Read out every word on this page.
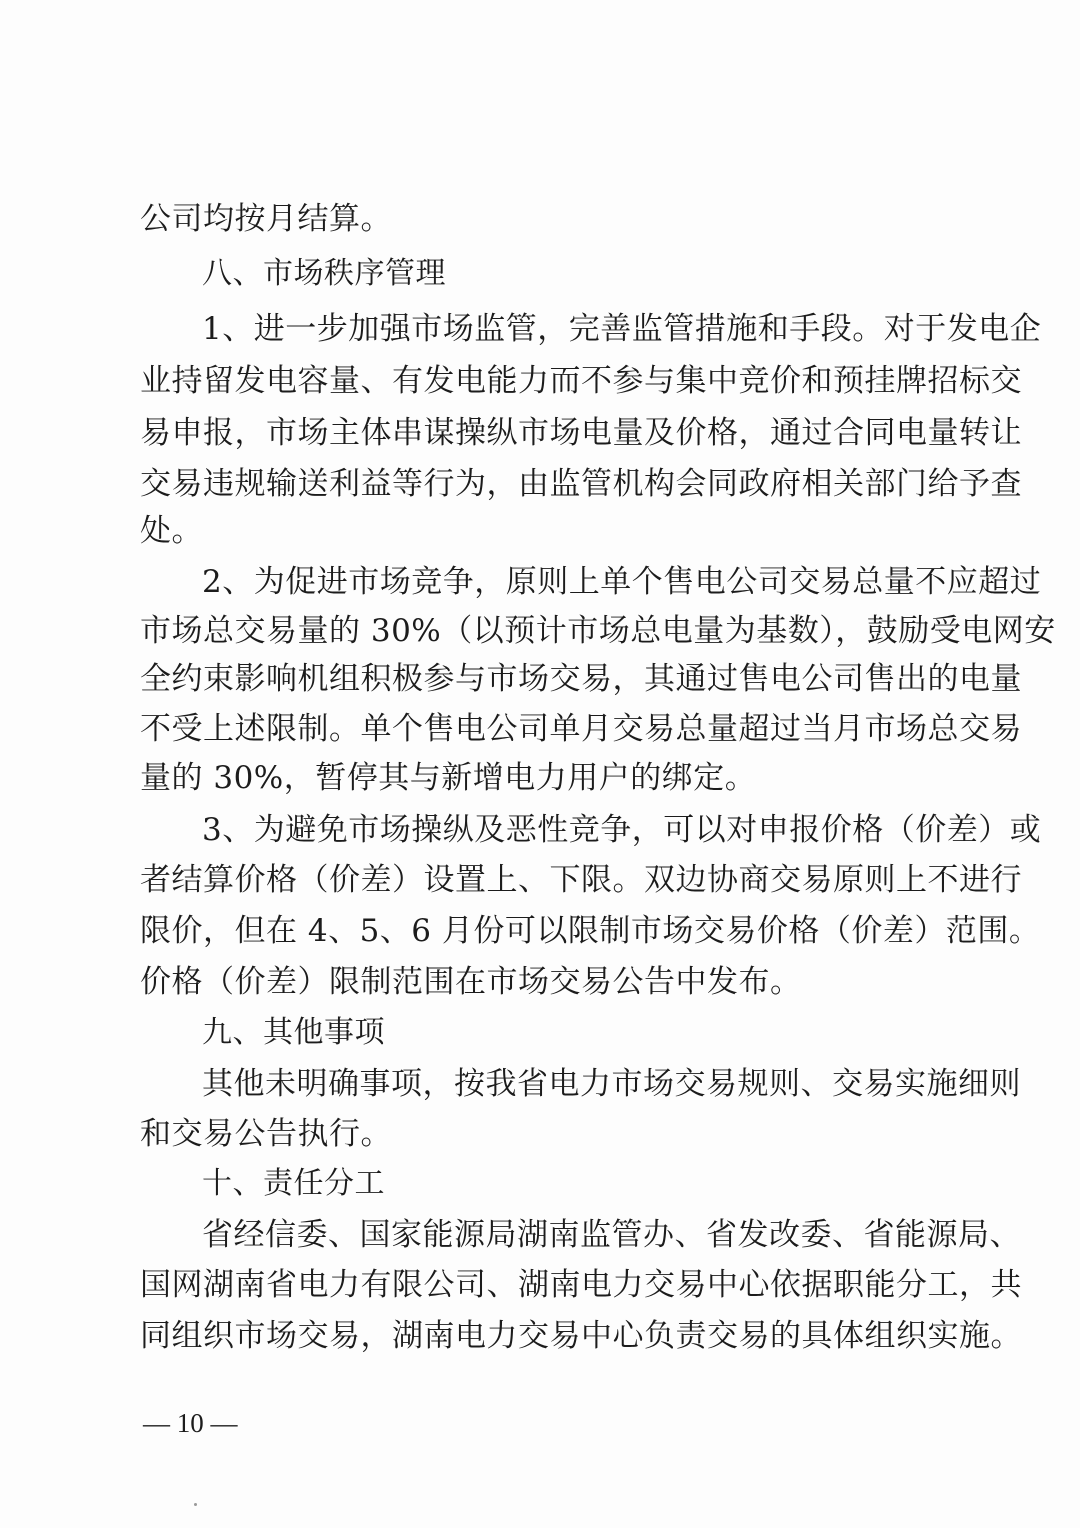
公司均按月结算。
八、市场秩序管理
1、进一步加强市场监管，完善监管措施和手段。对于发电企
业持留发电容量、有发电能力而不参与集中竞价和预挂牌招标交
易申报，市场主体串谋操纵市场电量及价格，通过合同电量转让
交易违规输送利益等行为，由监管机构会同政府相关部门给予查
处。
2、为促进市场竞争，原则上单个售电公司交易总量不应超过
市场总交易量的 30%（以预计市场总电量为基数），鼓励受电网安
全约束影响机组积极参与市场交易，其通过售电公司售出的电量
不受上述限制。单个售电公司单月交易总量超过当月市场总交易
量的 30%，暂停其与新增电力用户的绑定。
3、为避免市场操纵及恶性竞争，可以对申报价格（价差）或
者结算价格（价差）设置上、下限。双边协商交易原则上不进行
限价，但在 4、5、6 月份可以限制市场交易价格（价差）范围。
价格（价差）限制范围在市场交易公告中发布。
九、其他事项
其他未明确事项，按我省电力市场交易规则、交易实施细则
和交易公告执行。
十、责任分工
省经信委、国家能源局湖南监管办、省发改委、省能源局、
国网湖南省电力有限公司、湖南电力交易中心依据职能分工，共
同组织市场交易，湖南电力交易中心负责交易的具体组织实施。
— 10 —
